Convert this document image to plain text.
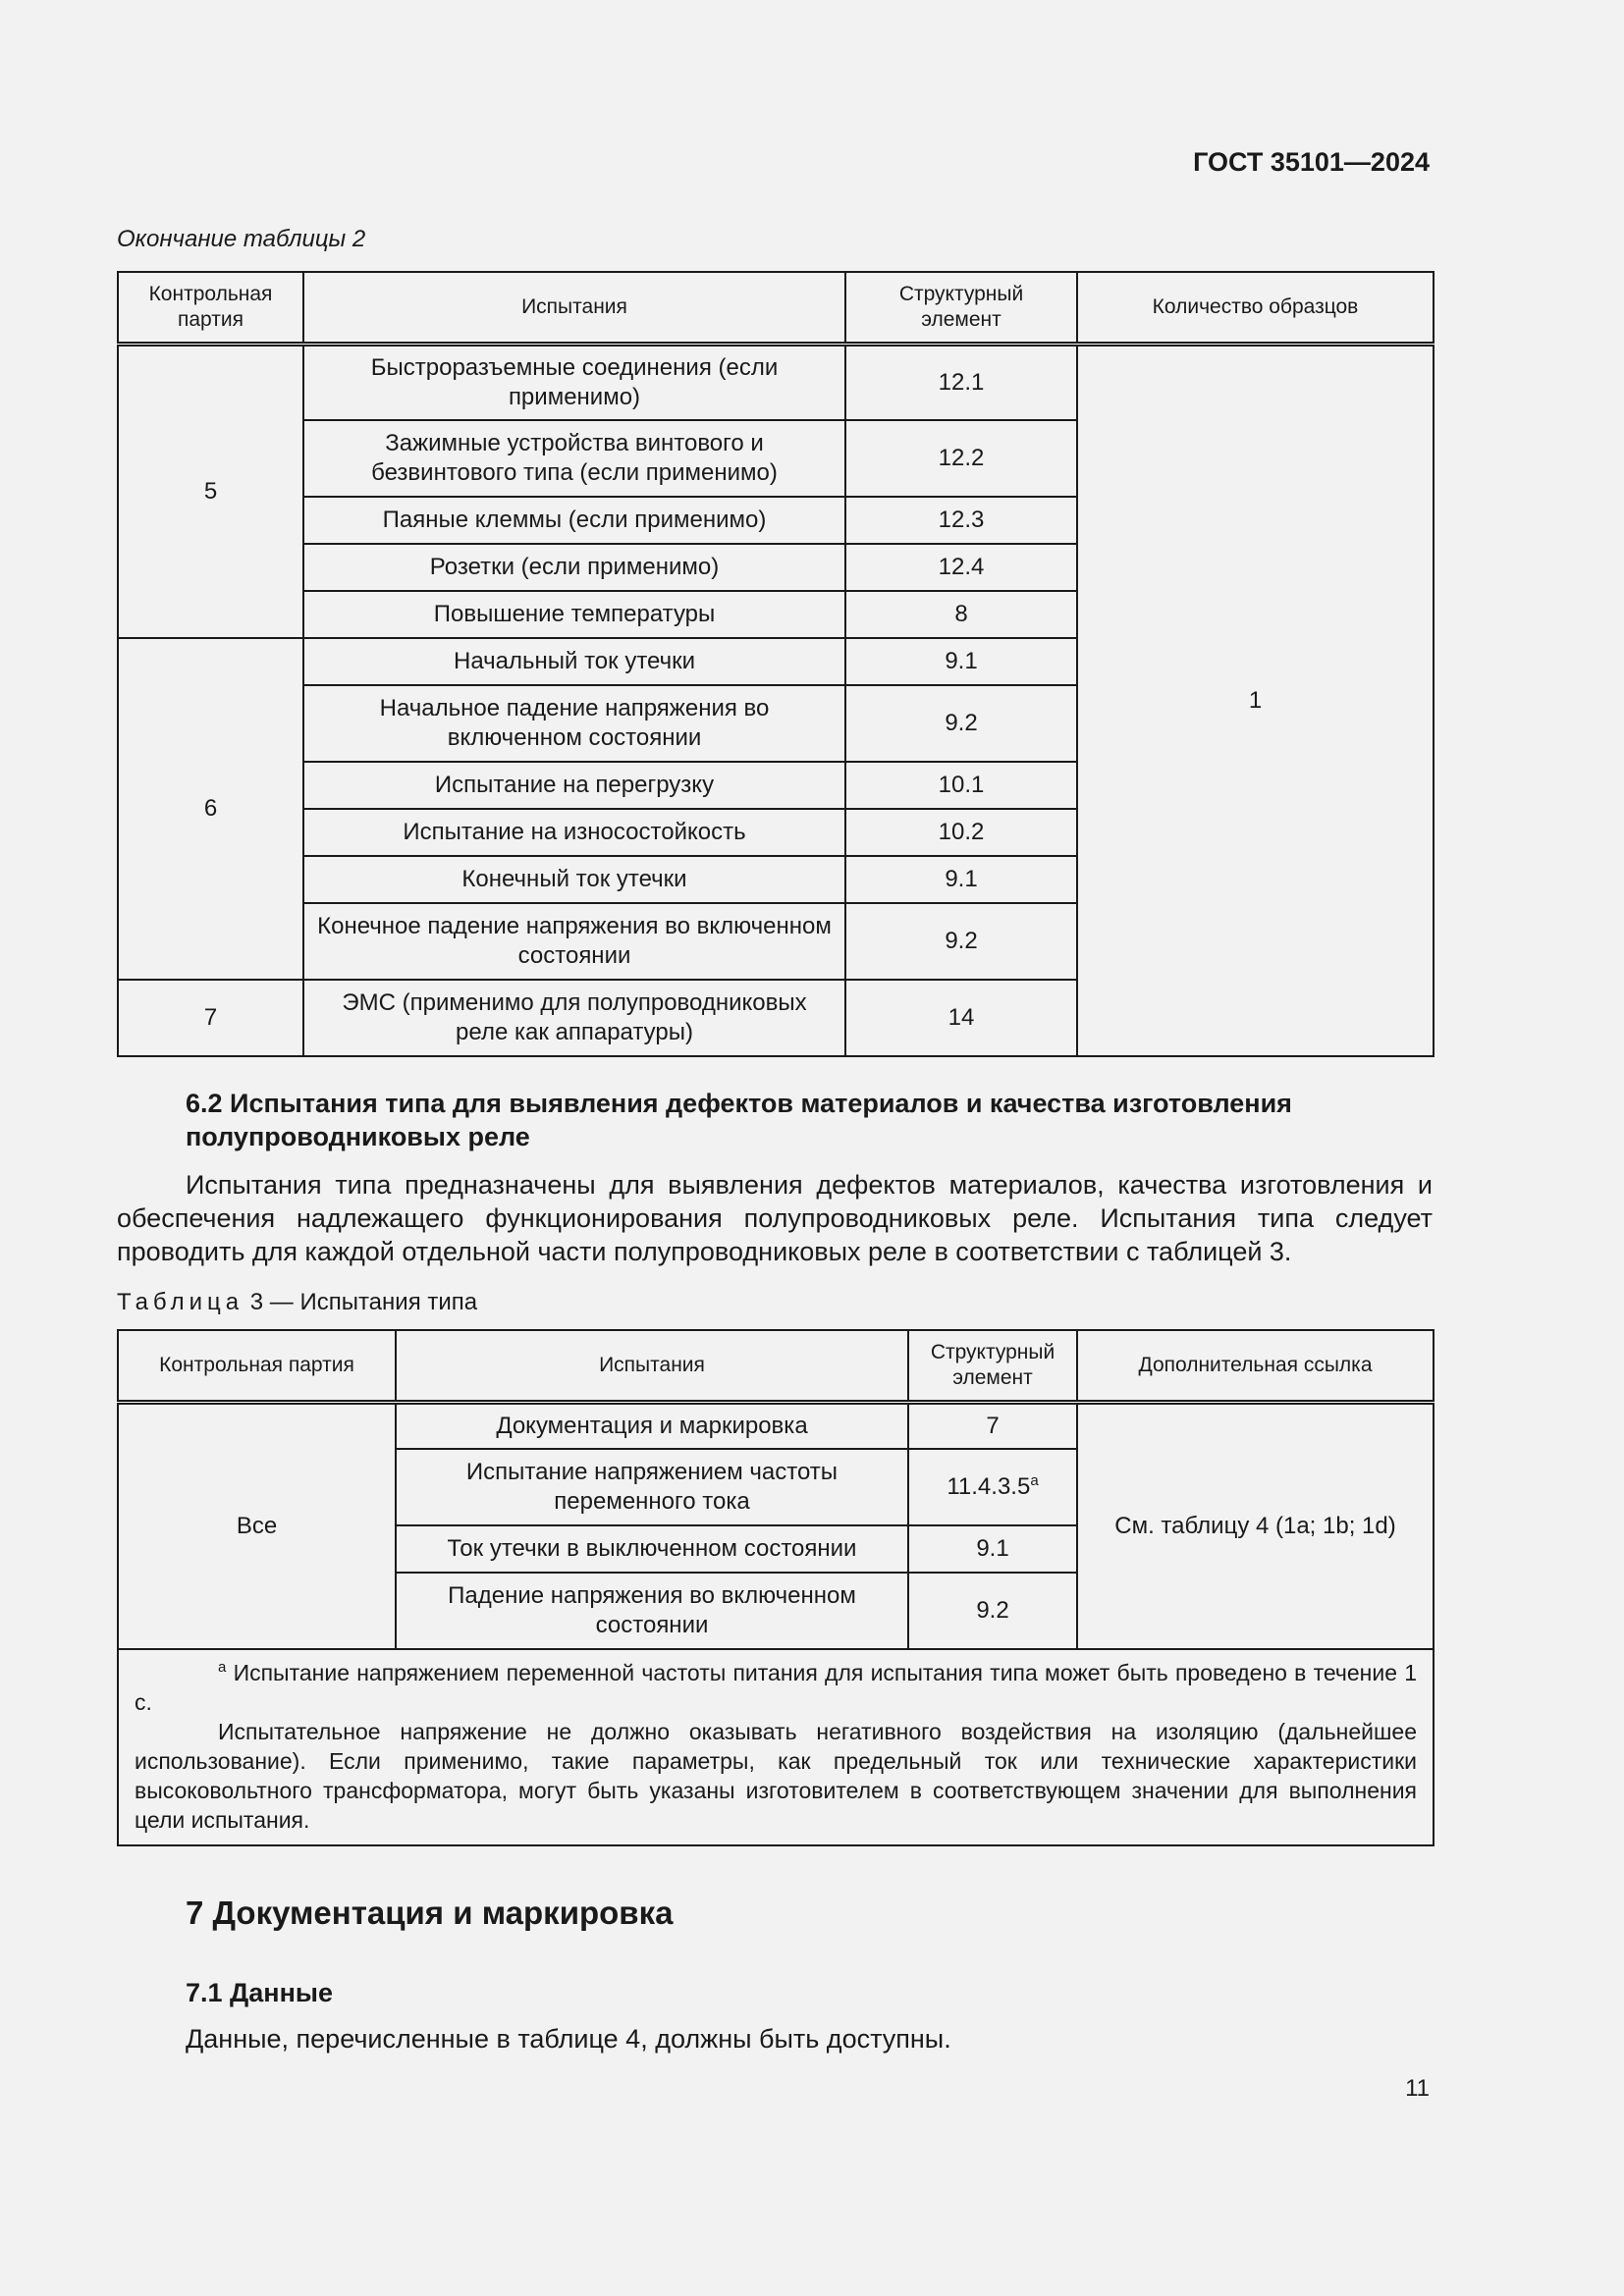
ГОСТ 35101—2024
Окончание таблицы 2
Контрольная партия	Испытания	Структурный элемент	Количество образцов
5	Быстроразъемные соединения (если применимо)	12.1	1
	Зажимные устройства винтового и безвинтового типа (если применимо)	12.2	
	Паяные клеммы (если применимо)	12.3	
	Розетки (если применимо)	12.4	
	Повышение температуры	8	
6	Начальный ток утечки	9.1	
	Начальное падение напряжения во включенном состоянии	9.2	
	Испытание на перегрузку	10.1	
	Испытание на износостойкость	10.2	
	Конечный ток утечки	9.1	
	Конечное падение напряжения во включенном состоянии	9.2	
7	ЭМС (применимо для полупроводниковых реле как аппаратуры)	14	
6.2 Испытания типа для выявления дефектов материалов и качества изготовления полупроводниковых реле
Испытания типа предназначены для выявления дефектов материалов, качества изготовления и обеспечения надлежащего функционирования полупроводниковых реле. Испытания типа следует проводить для каждой отдельной части полупроводниковых реле в соответствии с таблицей 3.
Таблица 3 — Испытания типа
Контрольная партия	Испытания	Структурный элемент	Дополнительная ссылка
Все	Документация и маркировка	7	См. таблицу 4 (1a; 1b; 1d)
	Испытание напряжением частоты переменного тока	11.4.3.5$^a$
	Ток утечки в выключенном состоянии	9.1	
	Падение напряжения во включенном состоянии	9.2	

$^a$ Испытание напряжением переменной частоты питания для испытания типа может быть проведено в течение 1 с.

Испытательное напряжение не должно оказывать негативного воздействия на изоляцию (дальнейшее использование). Если применимо, такие параметры, как предельный ток или технические характеристики высоковольтного трансформатора, могут быть указаны изготовителем в соответствующем значении для выполнения цели испытания.			

7 Документация и маркировка
7.1 Данные
Данные, перечисленные в таблице 4, должны быть доступны.
11
